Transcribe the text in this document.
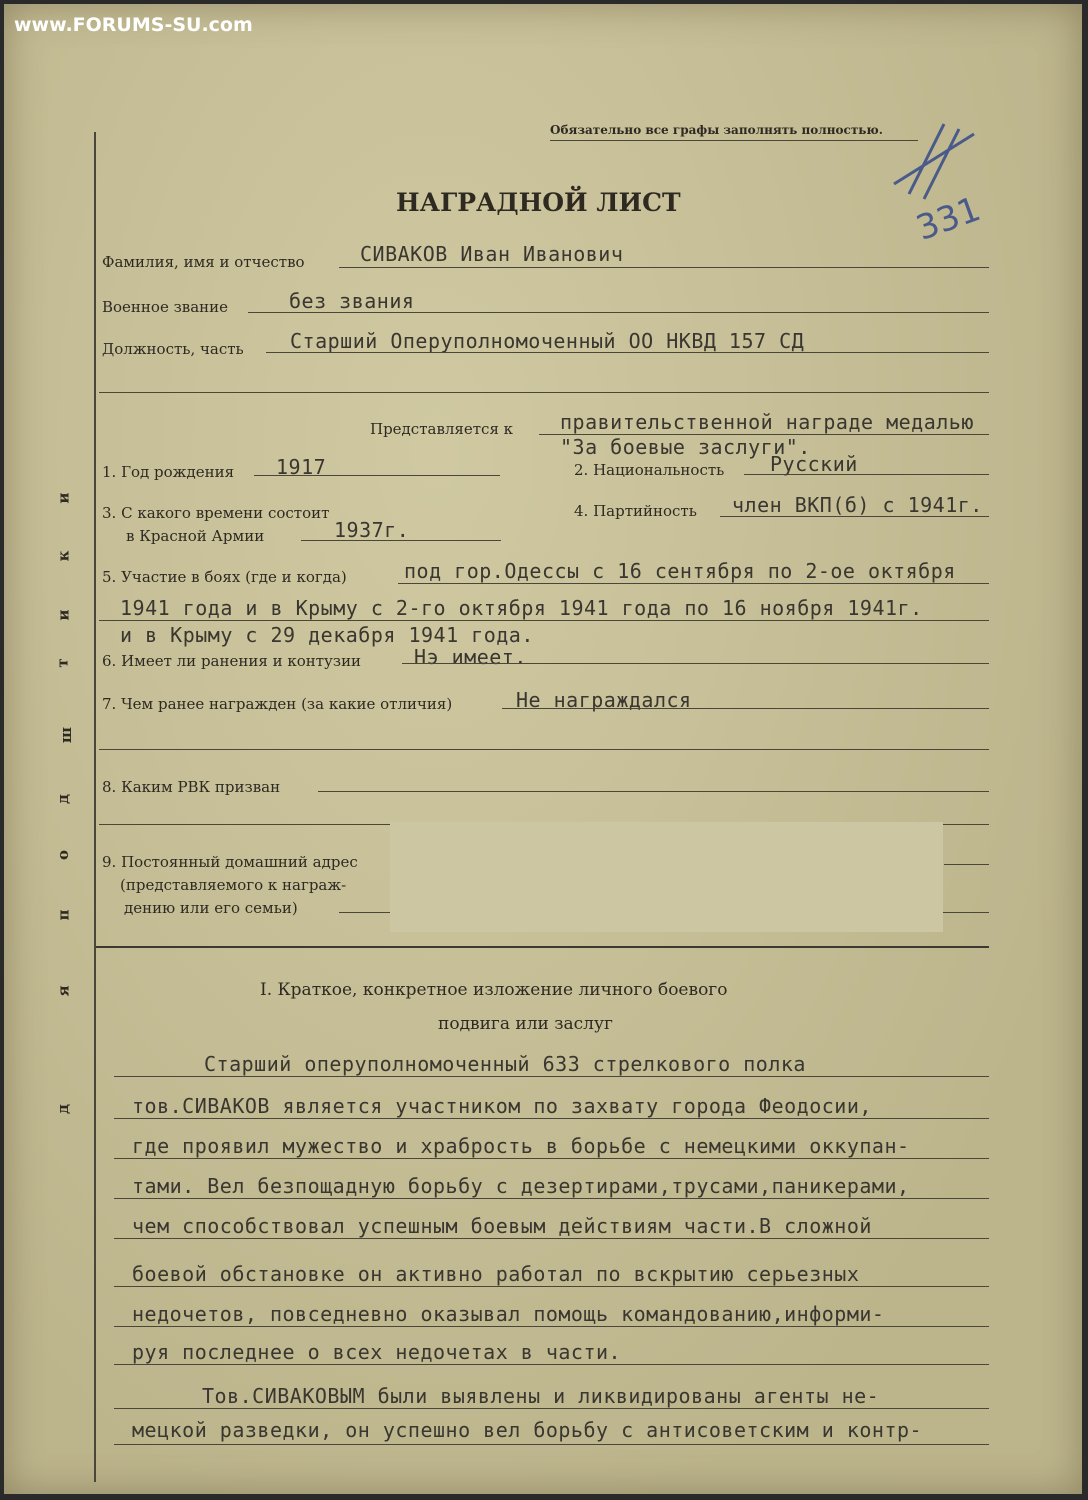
www.FORUMS-SU.com
и
к
и
т
ш
д
о
п
я
д
Обязательно все графы заполнять полностью.
331
НАГРАДНОЙ ЛИСТ
Фамилия, имя и отчество	СИВАКОВ Иван Иванович
Военное звание	без звания
Должность, часть Старший Оперуполномоченный ОО НКВД 157 СД
Представляется к правительственной награде медалью
"За боевые заслуги".
1. Год рождения 1917	2. Национальность Русский
3. С какого времени состоит
в Красной Армии	1937г.
4. Партийность член ВКП(б) с 1941г.
5. Участие в боях (где и когда)	под гор.Одессы с 16 сентября по 2-ое октября
1941 года и в Крыму с 2-го октября 1941 года по 16 ноября 1941г.
и в Крыму с 29 декабря 1941 года.
6. Имеет ли ранения и контузии	Нэ имеет.
7. Чем ранее награжден (за какие отличия)	Не награждался
8. Каким РВК призван
9. Постоянный домашний адрес
(представляемого к награж-
дению или его семьи)
I. Краткое, конкретное изложение личного боевого
подвига или заслуг
Старший оперуполномоченный 633 стрелкового полка
тов.СИВАКОВ является участником по захвату города Феодосии,
где проявил мужество и храбрость в борьбе с немецкими оккупан-
тами. Вел безпощадную борьбу с дезертирами,трусами,паникерами,
чем способствовал успешным боевым действиям части.В сложной
боевой обстановке он активно работал по вскрытию серьезных
недочетов, повседневно оказывал помощь командованию,информи-
руя последнее о всех недочетах в части.
Тов.СИВАКОВЫМ были выявлены и ликвидированы агенты не-
мецкой разведки, он успешно вел борьбу с антисоветским и контр-
